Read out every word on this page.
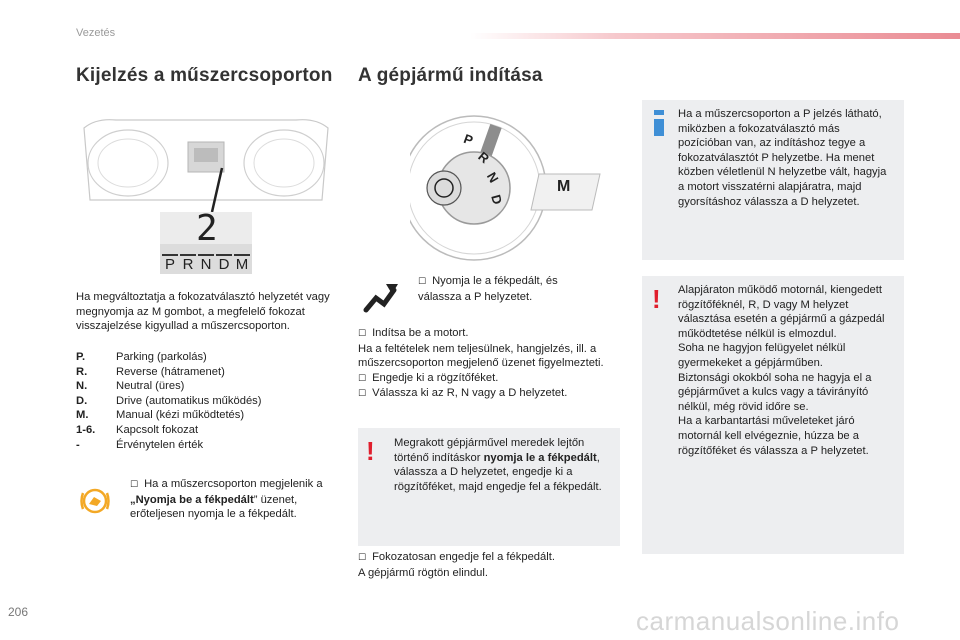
Vezetés
Kijelzés a műszercsoporton
2
P R N D M
Ha megváltoztatja a fokozatválasztó helyzetét vagy megnyomja az M gombot, a megfelelő fokozat visszajelzése kigyullad a műszercsoporton.
P.	Parking (parkolás)
R.	Reverse (hátramenet)
N.	Neutral (üres)
D.	Drive (automatikus működés)
M.	Manual (kézi működtetés)
1-6.	Kapcsolt fokozat
-	Érvénytelen érték
☐ Ha a műszercsoporton megjelenik a „Nyomja be a fékpedált” üzenet, erőteljesen nyomja le a fékpedált.
A gépjármű indítása
P
R
N
D
M
☐ Nyomja le a fékpedált, és válassza a P helyzetet.
☐ Indítsa be a motort.
Ha a feltételek nem teljesülnek, hangjelzés, ill. a műszercsoporton megjelenő üzenet figyelmezteti.
☐ Engedje ki a rögzítőféket.
☐ Válassza ki az R, N vagy a D helyzetet.
! Megrakott gépjárművel meredek lejtőn történő indításkor nyomja le a fékpedált, válassza a D helyzetet, engedje ki a rögzítőféket, majd engedje fel a fékpedált.
☐ Fokozatosan engedje fel a fékpedált.
A gépjármű rögtön elindul.
Ha a műszercsoporton a P jelzés látható, miközben a fokozatválasztó más pozícióban van, az indításhoz tegye a fokozatválasztót P helyzetbe. Ha menet közben véletlenül N helyzetbe vált, hagyja a motort visszatérni alapjáratra, majd gyorsításhoz válassza a D helyzetet.
! Alapjáraton működő motornál, kiengedett rögzítőféknél, R, D vagy M helyzet választása esetén a gépjármű a gázpedál működtetése nélkül is elmozdul.
Soha ne hagyjon felügyelet nélkül gyermekeket a gépjárműben.
Biztonsági okokból soha ne hagyja el a gépjárművet a kulcs vagy a távirányító nélkül, még rövid időre se.
Ha a karbantartási műveleteket járó motornál kell elvégeznie, húzza be a rögzítőféket és válassza a P helyzetet.
206	carmanualsonline.info
